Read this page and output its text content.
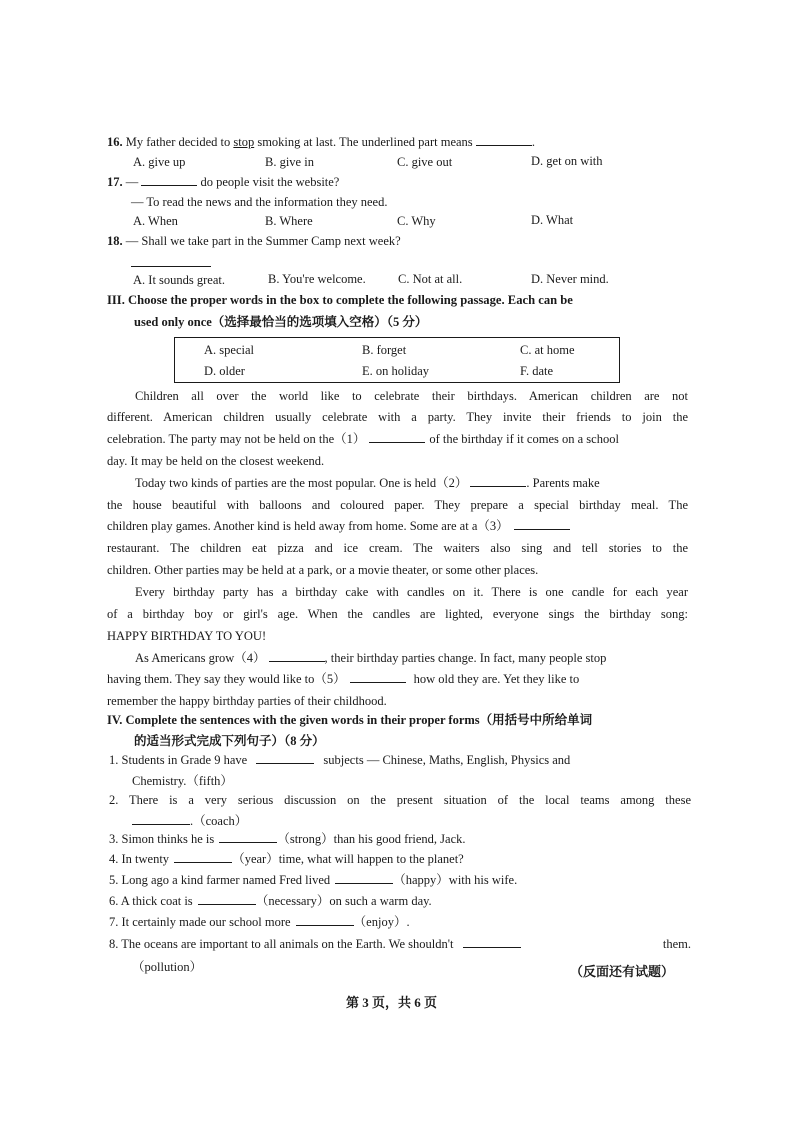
16. My father decided to stop smoking at last. The underlined part means	.
A. give up	B. give in	C. give out	D. get on with
17. —	do people visit the website?
— To read the news and the information they need.
A. When	B. Where	C. Why	D. What
18. — Shall we take part in the Summer Camp next week?
A. It sounds great.	B. You're welcome.	C. Not at all.	D. Never mind.
III. Choose the proper words in the box to complete the following passage. Each can be
used only once（选择最恰当的选项填入空格）（5 分）
A. special	B. forget	C. at home
D. older	E. on holiday	F. date
Children all over the world like to celebrate their birthdays. American children are not
different. American children usually celebrate with a party. They invite their friends to join the
celebration. The party may not be held on the（1）	of the birthday if it comes on a school
day. It may be held on the closest weekend.
Today two kinds of parties are the most popular. One is held（2）	. Parents make
the house beautiful with balloons and coloured paper. They prepare a special birthday meal. The
children play games. Another kind is held away from home. Some are at a（3）
restaurant. The children eat pizza and ice cream. The waiters also sing and tell stories to the
children. Other parties may be held at a park, or a movie theater, or some other places.
Every birthday party has a birthday cake with candles on it. There is one candle for each year
of a birthday boy or girl's age. When the candles are lighted, everyone sings the birthday song:
HAPPY BIRTHDAY TO YOU!
As Americans grow（4）	, their birthday parties change. In fact, many people stop
having them. They say they would like to（5）	how old they are. Yet they like to
remember the happy birthday parties of their childhood.
IV. Complete the sentences with the given words in their proper forms（用括号中所给单词
的适当形式完成下列句子）（8 分）
1. Students in Grade 9 have	subjects — Chinese, Maths, English, Physics and
Chemistry.（fifth）
2. There is a very serious discussion on the present situation of the local teams among these
.（coach）
3. Simon thinks he is	（strong）than his good friend, Jack.
4. In twenty	（year）time, what will happen to the planet?
5. Long ago a kind farmer named Fred lived	（happy）with his wife.
6. A thick coat is	（necessary）on such a warm day.
7. It certainly made our school more	（enjoy）.
8. The oceans are important to all animals on the Earth. We shouldn't	them.
（pollution）	（反面还有试题）
第 3 页，共 6 页
